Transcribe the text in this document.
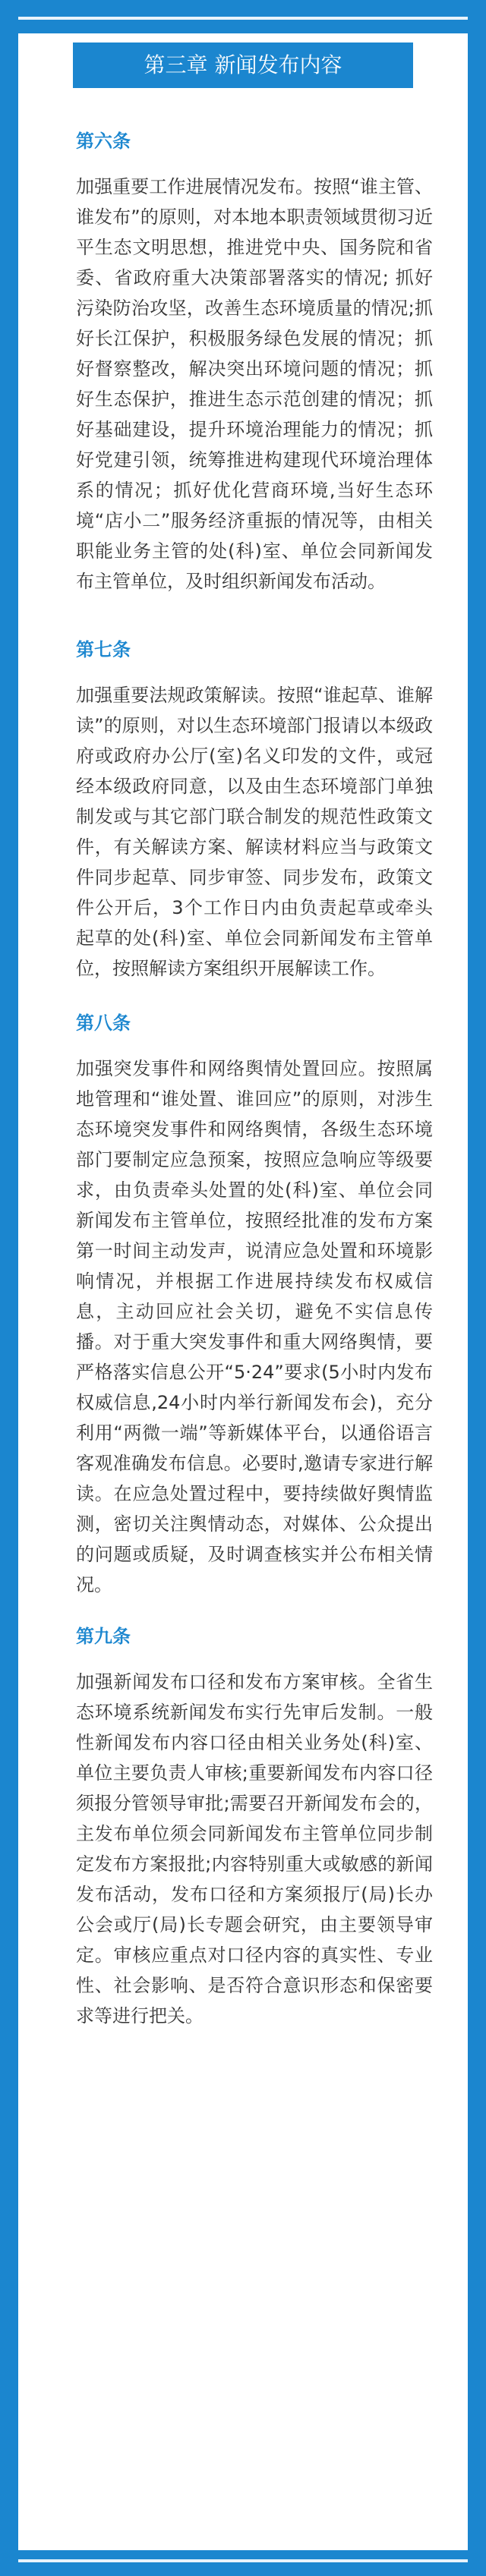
第三章 新闻发布内容
第六条

加强重要工作进展情况发布。按照“谁主管、谁发布”的原则，对本地本职责领域贯彻习近平生态文明思想，推进党中央、国务院和省委、省政府重大决策部署落实的情况; 抓好污染防治攻坚，改善生态环境质量的情况;抓好长江保护，积极服务绿色发展的情况；抓好督察整改，解决突出环境问题的情况；抓好生态保护，推进生态示范创建的情况；抓好基础建设，提升环境治理能力的情况；抓好党建引领，统筹推进构建现代环境治理体系的情况；抓好优化营商环境,当好生态环境“店小二”服务经济重振的情况等，由相关职能业务主管的处(科)室、单位会同新闻发布主管单位，及时组织新闻发布活动。

第七条

加强重要法规政策解读。按照“谁起草、谁解读”的原则，对以生态环境部门报请以本级政府或政府办公厅(室)名义印发的文件，或冠经本级政府同意，以及由生态环境部门单独制发或与其它部门联合制发的规范性政策文件，有关解读方案、解读材料应当与政策文件同步起草、同步审签、同步发布，政策文件公开后，3个工作日内由负责起草或牵头起草的处(科)室、单位会同新闻发布主管单位，按照解读方案组织开展解读工作。

第八条

加强突发事件和网络舆情处置回应。按照属地管理和“谁处置、谁回应”的原则，对涉生态环境突发事件和网络舆情，各级生态环境部门要制定应急预案，按照应急响应等级要求，由负责牵头处置的处(科)室、单位会同新闻发布主管单位，按照经批准的发布方案第一时间主动发声，说清应急处置和环境影响情况，并根据工作进展持续发布权威信息，主动回应社会关切，避免不实信息传播。对于重大突发事件和重大网络舆情，要严格落实信息公开“5·24”要求(5小时内发布权威信息,24小时内举行新闻发布会)，充分利用“两微一端”等新媒体平台，以通俗语言客观准确发布信息。必要时,邀请专家进行解读。在应急处置过程中，要持续做好舆情监测，密切关注舆情动态，对媒体、公众提出的问题或质疑，及时调查核实并公布相关情况。

第九条

加强新闻发布口径和发布方案审核。全省生态环境系统新闻发布实行先审后发制。一般性新闻发布内容口径由相关业务处(科)室、单位主要负责人审核;重要新闻发布内容口径须报分管领导审批;需要召开新闻发布会的，主发布单位须会同新闻发布主管单位同步制定发布方案报批;内容特别重大或敏感的新闻发布活动，发布口径和方案须报厅(局)长办公会或厅(局)长专题会研究，由主要领导审定。审核应重点对口径内容的真实性、专业性、社会影响、是否符合意识形态和保密要求等进行把关。
